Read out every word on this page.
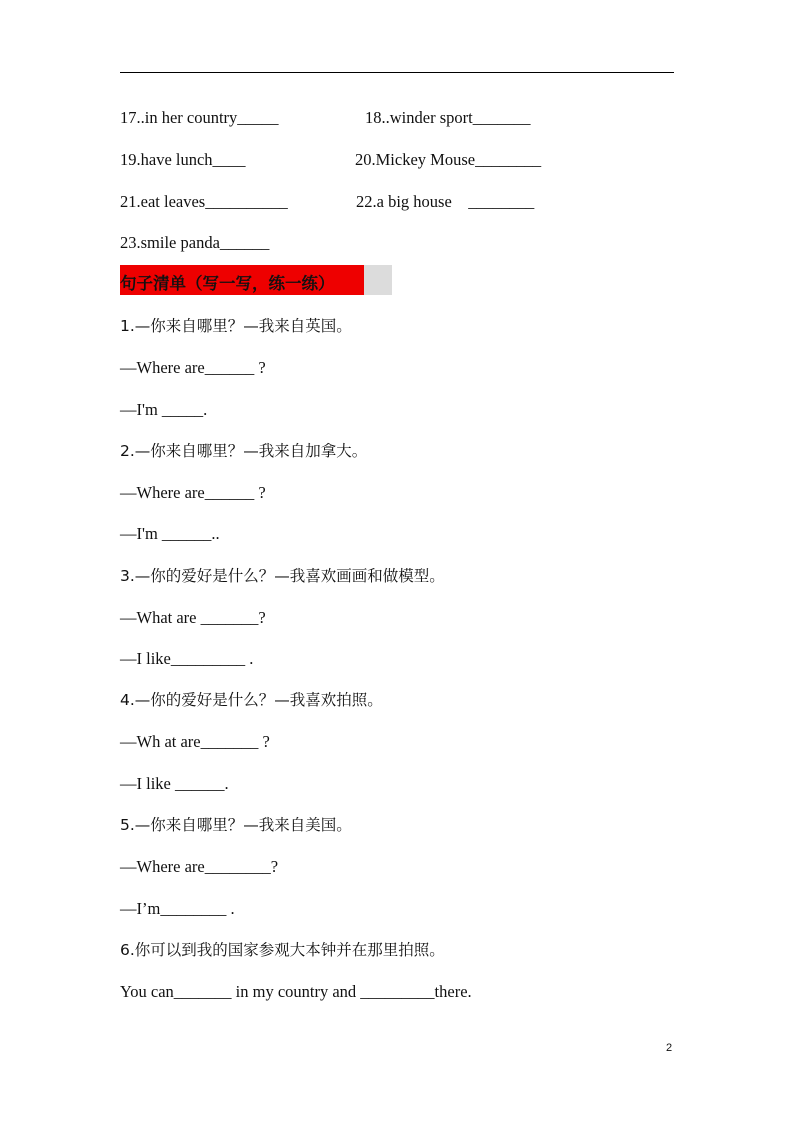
17..in her country_____	18..winder sport_______
19.have lunch____	20.Mickey Mouse________
21.eat leaves__________	22.a big house    ________
23.smile panda______
句子清单（写一写，练一练）
1.—你来自哪里？—我来自英国。
—Where are______ ?
—I'm _____.
2.—你来自哪里？—我来自加拿大。
—Where are______ ?
—I'm ______..
3.—你的爱好是什么？—我喜欢画画和做模型。
—What are _______?
—I like_________ .
4.—你的爱好是什么？—我喜欢拍照。
—Wh at are_______ ?
—I like ______.
5.—你来自哪里？—我来自美国。
—Where are________?
—I’m________ .
6.你可以到我的国家参观大本钟并在那里拍照。
You can_______ in my country and _________there.
2
